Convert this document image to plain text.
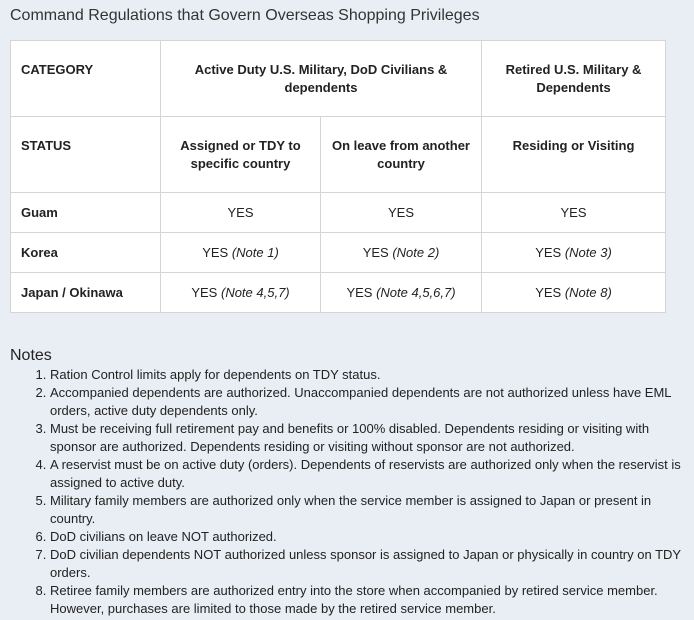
Command Regulations that Govern Overseas Shopping Privileges
CATEGORY	Active Duty U.S. Military, DoD Civilians & dependents		Retired U.S. Military & Dependents
STATUS	Assigned or TDY to specific country	On leave from another country	Residing or Visiting
Guam	YES	YES	YES
Korea	YES (Note 1)	YES (Note 2)	YES (Note 3)
Japan / Okinawa	YES (Note 4,5,7)	YES (Note 4,5,6,7)	YES (Note 8)
Notes
1. Ration Control limits apply for dependents on TDY status.
2. Accompanied dependents are authorized. Unaccompanied dependents are not authorized unless have EML orders, active duty dependents only.
3. Must be receiving full retirement pay and benefits or 100% disabled. Dependents residing or visiting with sponsor are authorized. Dependents residing or visiting without sponsor are not authorized.
4. A reservist must be on active duty (orders). Dependents of reservists are authorized only when the reservist is assigned to active duty.
5. Military family members are authorized only when the service member is assigned to Japan or present in country.
6. DoD civilians on leave NOT authorized.
7. DoD civilian dependents NOT authorized unless sponsor is assigned to Japan or physically in country on TDY orders.
8. Retiree family members are authorized entry into the store when accompanied by retired service member. However, purchases are limited to those made by the retired service member.
